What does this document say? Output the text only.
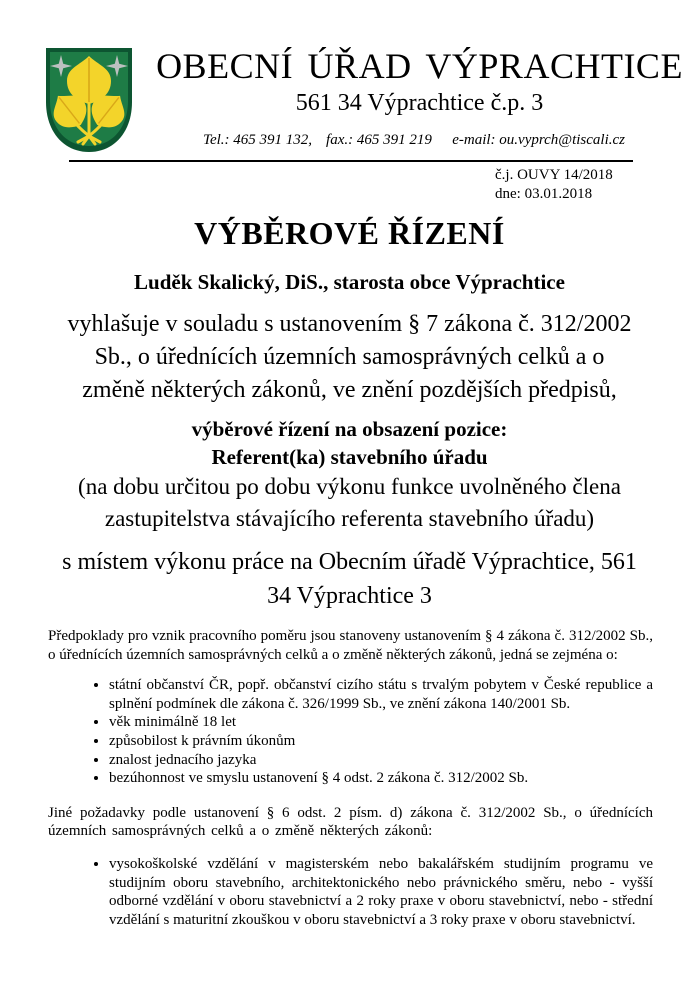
OBECNÍ ÚŘAD VÝPRACHTICE
561 34 Výprachtice č.p. 3
Tel.: 465 391 132, fax.: 465 391 219 e-mail: ou.vyprch@tiscali.cz
č.j. OUVY 14/2018
dne: 03.01.2018
VÝBĚROVÉ ŘÍZENÍ
Luděk Skalický, DiS., starosta obce Výprachtice
vyhlašuje v souladu s ustanovením § 7 zákona č. 312/2002
Sb., o úřednících územních samosprávných celků a o
změně některých zákonů, ve znění pozdějších předpisů,
výběrové řízení na obsazení pozice:
Referent(ka) stavebního úřadu
(na dobu určitou po dobu výkonu funkce uvolněného člena
zastupitelstva stávajícího referenta stavebního úřadu)
s místem výkonu práce na Obecním úřadě Výprachtice, 561
34 Výprachtice 3
Předpoklady pro vznik pracovního poměru jsou stanoveny ustanovením § 4 zákona č. 312/2002 Sb., o úřednících územních samosprávných celků a o změně některých zákonů, jedná se zejména o:
• státní občanství ČR, popř. občanství cizího státu s trvalým pobytem v České republice a splnění podmínek dle zákona č. 326/1999 Sb., ve znění zákona 140/2001 Sb.
• věk minimálně 18 let
• způsobilost k právním úkonům
• znalost jednacího jazyka
• bezúhonnost ve smyslu ustanovení § 4 odst. 2 zákona č. 312/2002 Sb.
Jiné požadavky podle ustanovení § 6 odst. 2 písm. d) zákona č. 312/2002 Sb., o úřednících územních samosprávných celků a o změně některých zákonů:
• vysokoškolské vzdělání v magisterském nebo bakalářském studijním programu ve studijním oboru stavebního, architektonického nebo právnického směru, nebo - vyšší odborné vzdělání v oboru stavebnictví a 2 roky praxe v oboru stavebnictví, nebo - střední vzdělání s maturitní zkouškou v oboru stavebnictví a 3 roky praxe v oboru stavebnictví.
